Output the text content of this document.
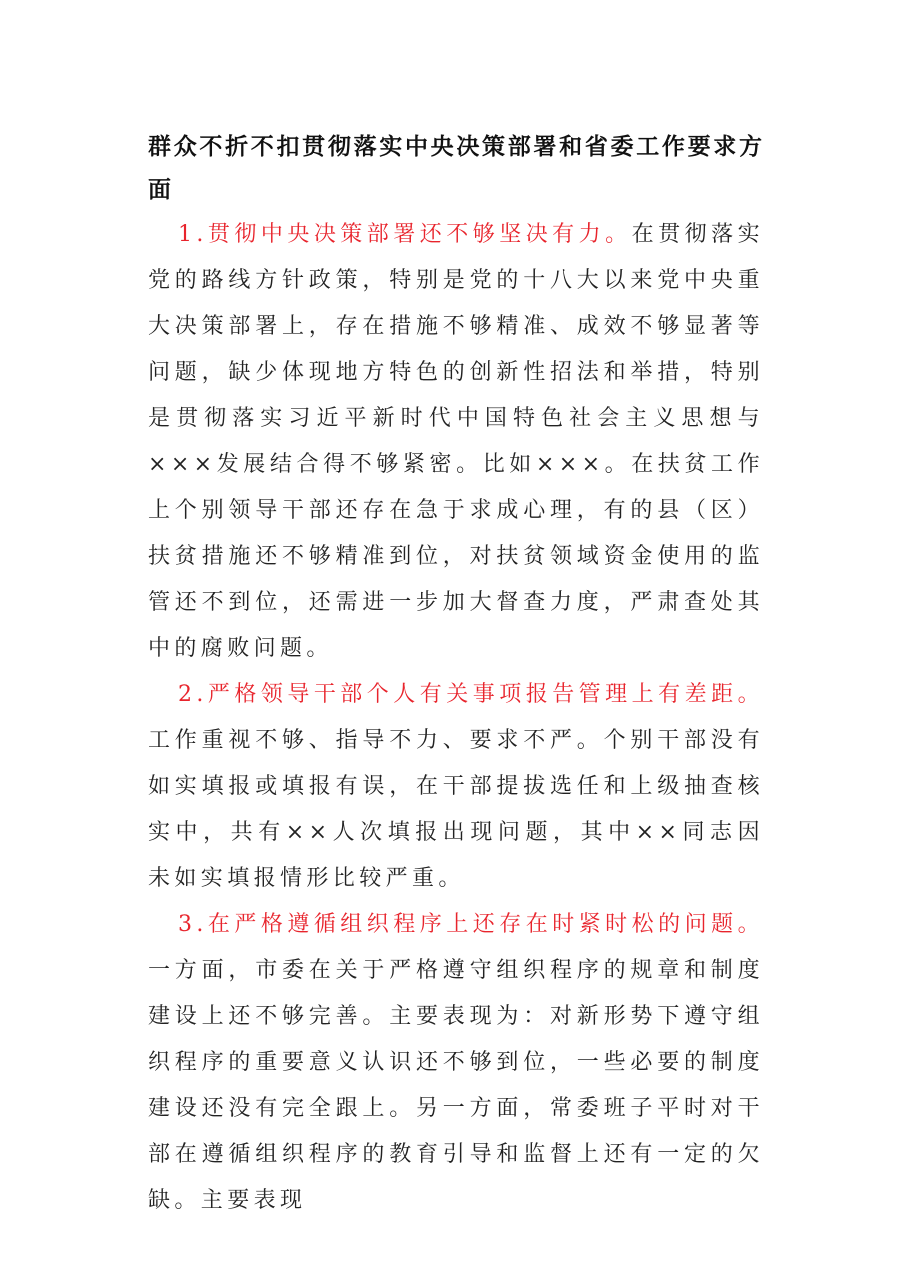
群众不折不扣贯彻落实中央决策部署和省委工作要求方面

1.贯彻中央决策部署还不够坚决有力。在贯彻落实党的路线方针政策，特别是党的十八大以来党中央重大决策部署上，存在措施不够精准、成效不够显著等问题，缺少体现地方特色的创新性招法和举措，特别是贯彻落实习近平新时代中国特色社会主义思想与×××发展结合得不够紧密。比如×××。在扶贫工作上个别领导干部还存在急于求成心理，有的县（区）扶贫措施还不够精准到位，对扶贫领域资金使用的监管还不到位，还需进一步加大督查力度，严肃查处其中的腐败问题。

2.严格领导干部个人有关事项报告管理上有差距。工作重视不够、指导不力、要求不严。个别干部没有如实填报或填报有误，在干部提拔选任和上级抽查核实中，共有××人次填报出现问题，其中××同志因未如实填报情形比较严重。

3.在严格遵循组织程序上还存在时紧时松的问题。一方面，市委在关于严格遵守组织程序的规章和制度建设上还不够完善。主要表现为：对新形势下遵守组织程序的重要意义认识还不够到位，一些必要的制度建设还没有完全跟上。另一方面，常委班子平时对干部在遵循组织程序的教育引导和监督上还有一定的欠缺。主要表现
